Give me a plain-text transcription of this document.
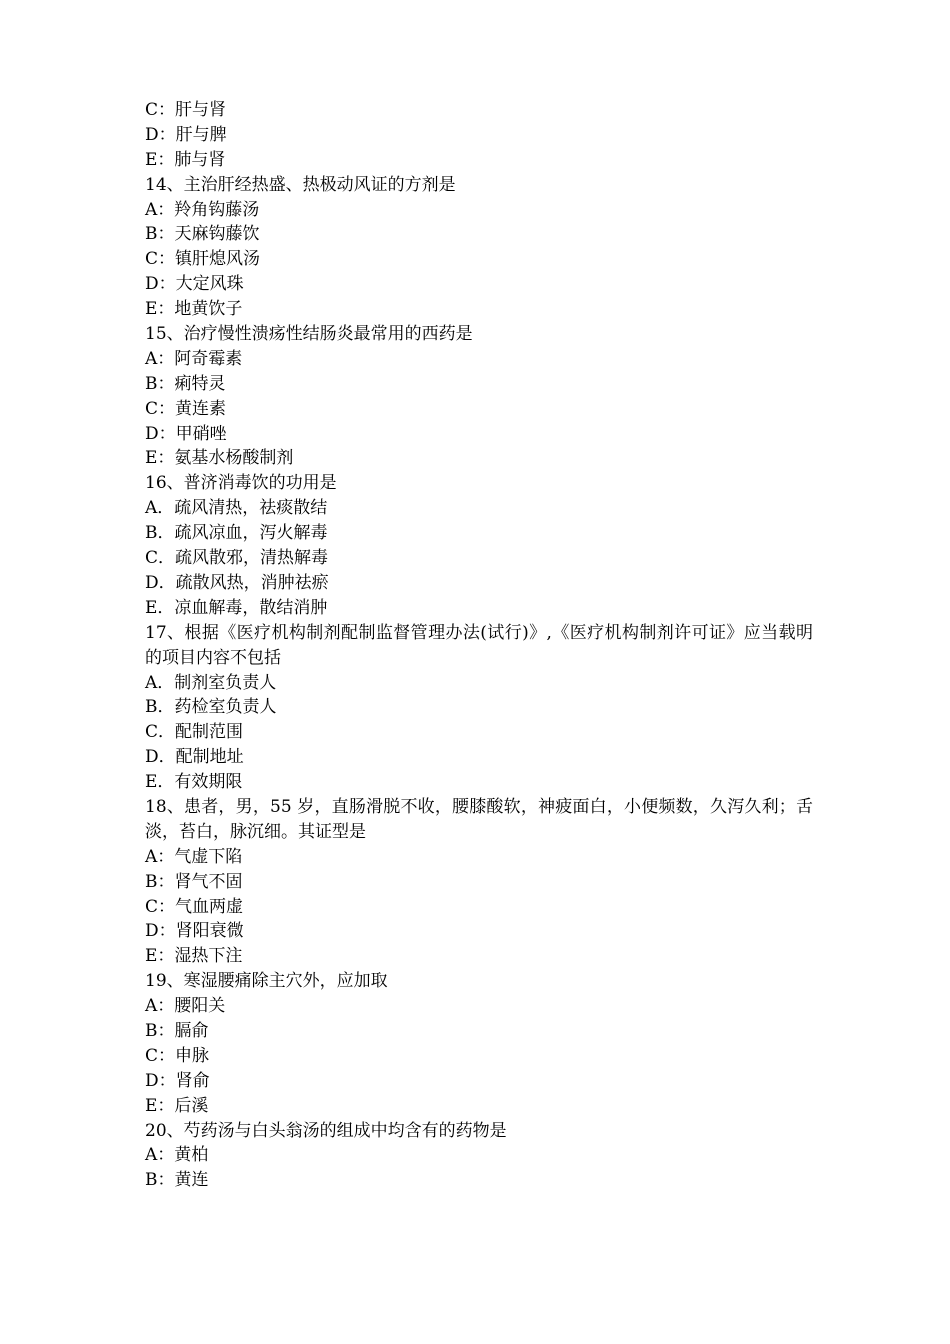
C：肝与肾
D：肝与脾
E：肺与肾
14、主治肝经热盛、热极动风证的方剂是
A：羚角钩藤汤
B：天麻钩藤饮
C：镇肝熄风汤
D：大定风珠
E：地黄饮子
15、治疗慢性溃疡性结肠炎最常用的西药是
A：阿奇霉素
B：痢特灵
C：黄连素
D：甲硝唑
E：氨基水杨酸制剂
16、普济消毒饮的功用是
A．疏风清热，祛痰散结
B．疏风凉血，泻火解毒
C．疏风散邪，清热解毒
D．疏散风热，消肿祛瘀
E．凉血解毒，散结消肿
17、根据《医疗机构制剂配制监督管理办法(试行)》,《医疗机构制剂许可证》应当载明的项目内容不包括
A．制剂室负责人
B．药检室负责人
C．配制范围
D．配制地址
E．有效期限
18、患者，男，55 岁，直肠滑脱不收，腰膝酸软，神疲面白，小便频数，久泻久利；舌淡，苔白，脉沉细。其证型是
A：气虚下陷
B：肾气不固
C：气血两虚
D：肾阳衰微
E：湿热下注
19、寒湿腰痛除主穴外，应加取
A：腰阳关
B：膈俞
C：申脉
D：肾俞
E：后溪
20、芍药汤与白头翁汤的组成中均含有的药物是
A：黄柏
B：黄连
